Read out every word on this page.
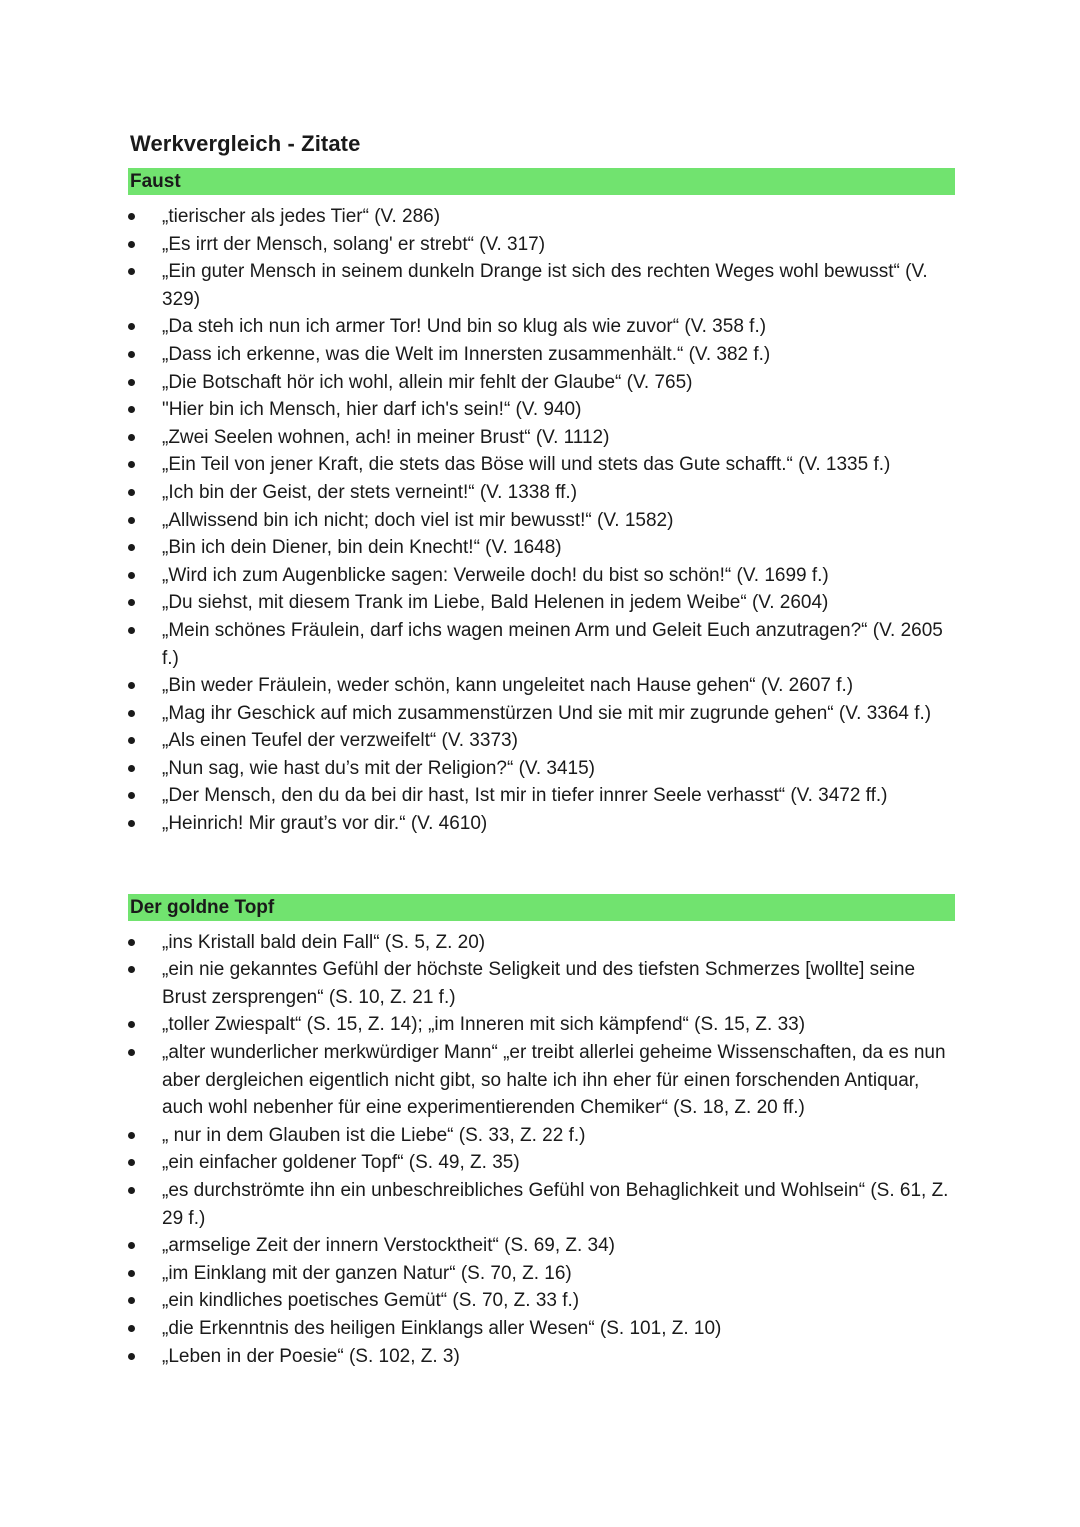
Werkvergleich - Zitate
Faust
„tierischer als jedes Tier“ (V. 286)
„Es irrt der Mensch, solang' er strebt“ (V. 317)
„Ein guter Mensch in seinem dunkeln Drange ist sich des rechten Weges wohl bewusst“ (V. 329)
„Da steh ich nun ich armer Tor! Und bin so klug als wie zuvor“ (V. 358 f.)
„Dass ich erkenne, was die Welt im Innersten zusammenhält.“ (V. 382 f.)
„Die Botschaft hör ich wohl, allein mir fehlt der Glaube“ (V. 765)
"Hier bin ich Mensch, hier darf ich's sein!“ (V. 940)
„Zwei Seelen wohnen, ach! in meiner Brust“ (V. 1112)
„Ein Teil von jener Kraft, die stets das Böse will und stets das Gute schafft.“ (V. 1335 f.)
„Ich bin der Geist, der stets verneint!“ (V. 1338 ff.)
„Allwissend bin ich nicht; doch viel ist mir bewusst!“ (V. 1582)
„Bin ich dein Diener, bin dein Knecht!“ (V. 1648)
„Wird ich zum Augenblicke sagen: Verweile doch! du bist so schön!“ (V. 1699 f.)
„Du siehst, mit diesem Trank im Liebe, Bald Helenen in jedem Weibe“ (V. 2604)
„Mein schönes Fräulein, darf ichs wagen meinen Arm und Geleit Euch anzutragen?“ (V. 2605 f.)
„Bin weder Fräulein, weder schön, kann ungeleitet nach Hause gehen“ (V. 2607 f.)
„Mag ihr Geschick auf mich zusammenstürzen Und sie mit mir zugrunde gehen“ (V. 3364 f.)
„Als einen Teufel der verzweifelt“ (V. 3373)
„Nun sag, wie hast du’s mit der Religion?“ (V. 3415)
„Der Mensch, den du da bei dir hast, Ist mir in tiefer innrer Seele verhasst“ (V. 3472 ff.)
„Heinrich! Mir graut’s vor dir.“ (V. 4610)
Der goldne Topf
„ins Kristall bald dein Fall“ (S. 5, Z. 20)
„ein nie gekanntes Gefühl der höchste Seligkeit und des tiefsten Schmerzes [wollte] seine Brust zersprengen“ (S. 10, Z. 21 f.)
„toller Zwiespalt“ (S. 15, Z. 14); „im Inneren mit sich kämpfend“ (S. 15, Z. 33)
„alter wunderlicher merkwürdiger Mann“ „er treibt allerlei geheime Wissenschaften, da es nun aber dergleichen eigentlich nicht gibt, so halte ich ihn eher für einen forschenden Antiquar, auch wohl nebenher für eine experimentierenden Chemiker“ (S. 18, Z. 20 ff.)
„ nur in dem Glauben ist die Liebe“ (S. 33, Z. 22 f.)
„ein einfacher goldener Topf“ (S. 49, Z. 35)
„es durchströmte ihn ein unbeschreibliches Gefühl von Behaglichkeit und Wohlsein“ (S. 61, Z. 29 f.)
„armselige Zeit der innern Verstocktheit“ (S. 69, Z. 34)
„im Einklang mit der ganzen Natur“ (S. 70, Z. 16)
„ein kindliches poetisches Gemüt“ (S. 70, Z. 33 f.)
„die Erkenntnis des heiligen Einklangs aller Wesen“ (S. 101, Z. 10)
„Leben in der Poesie“ (S. 102, Z. 3)
